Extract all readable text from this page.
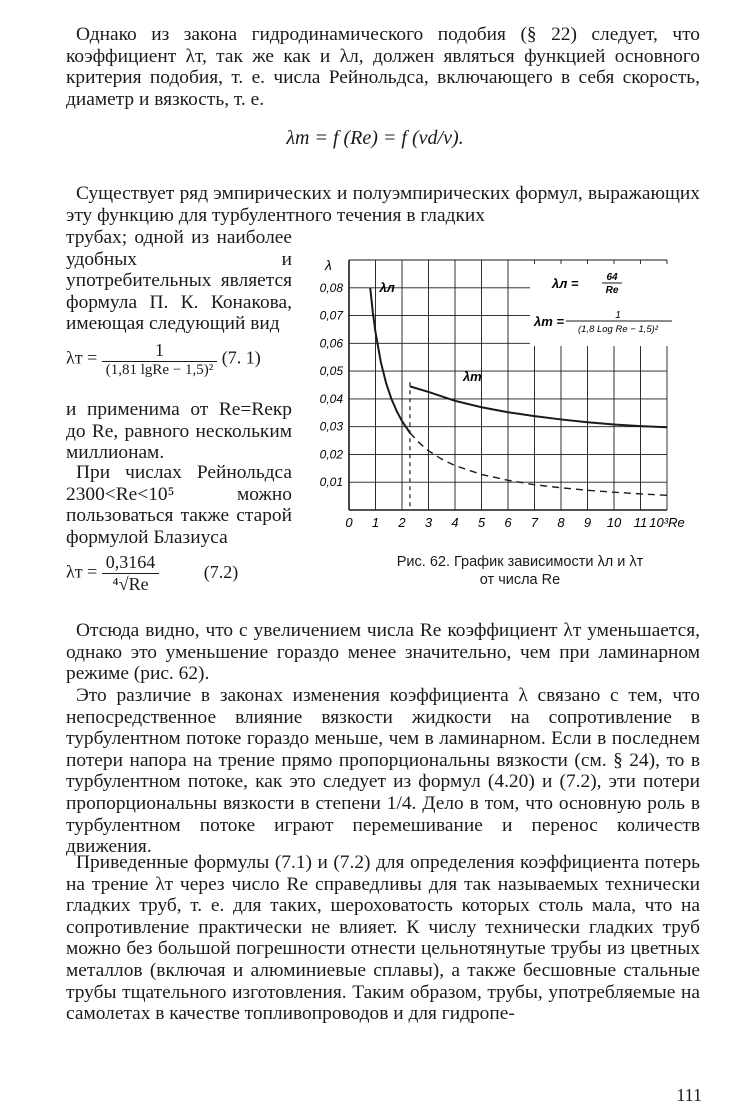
Однако из закона гидродинамического подобия (§ 22) следует, что коэффициент λт, так же как и λл, должен являться функцией основного критерия подобия, т. е. числа Рейнольдса, включающего в себя скорость, диаметр и вязкость, т. е.

λт = f (Re) = f (vd/ν).

Существует ряд эмпирических и полуэмпирических формул, выражающих эту функцию для турбулентного течения в гладких

трубах; одной из наиболее удобных и употребительных является формула П. К. Конакова, имеющая следующий вид

$\lambda т = \frac{1}{\text{(1,81 lgRe − 1,5)²}} (7$. 1)

и применима от Re=Reкр до Re, равного нескольким миллионам.

При числах Рейнольдса 2300<Re<10⁵ можно пользоваться также старой формулой Блазиуса

$\lambda т = \frac{0,3164}{\text{⁴√Re}} (7.2)$
0 1 2 3 4 5 6 7 8 9 10 11 10³Re
0,01
0,02
0,03
0,04
0,05
0,06
0,07
0,08
λ
λл =	64
Re
λт =	1
(1,8 Log Re − 1,5)²
λл
λт
Рис. 62. График зависимости λл и λт
от числа Re

Отсюда видно, что с увеличением числа Re коэффициент λт уменьшается, однако это уменьшение гораздо менее значительно, чем при ламинарном режиме (рис. 62).

Это различие в законах изменения коэффициента λ связано с тем, что непосредственное влияние вязкости жидкости на сопротивление в турбулентном потоке гораздо меньше, чем в ламинарном. Если в последнем потери напора на трение прямо пропорциональны вязкости (см. § 24), то в турбулентном потоке, как это следует из формул (4.20) и (7.2), эти потери пропорциональны вязкости в степени 1/4. Дело в том, что основную роль в турбулентном потоке играют перемешивание и перенос количеств движения.

Приведенные формулы (7.1) и (7.2) для определения коэффициента потерь на трение λт через число Re справедливы для так называемых технически гладких труб, т. е. для таких, шероховатость которых столь мала, что на сопротивление практически не влияет. К числу технически гладких труб можно без большой погрешности отнести цельнотянутые трубы из цветных металлов (включая и алюминиевые сплавы), а также бесшовные стальные трубы тщательного изготовления. Таким образом, трубы, употребляемые на самолетах в качестве топливопроводов и для гидропе-

111
